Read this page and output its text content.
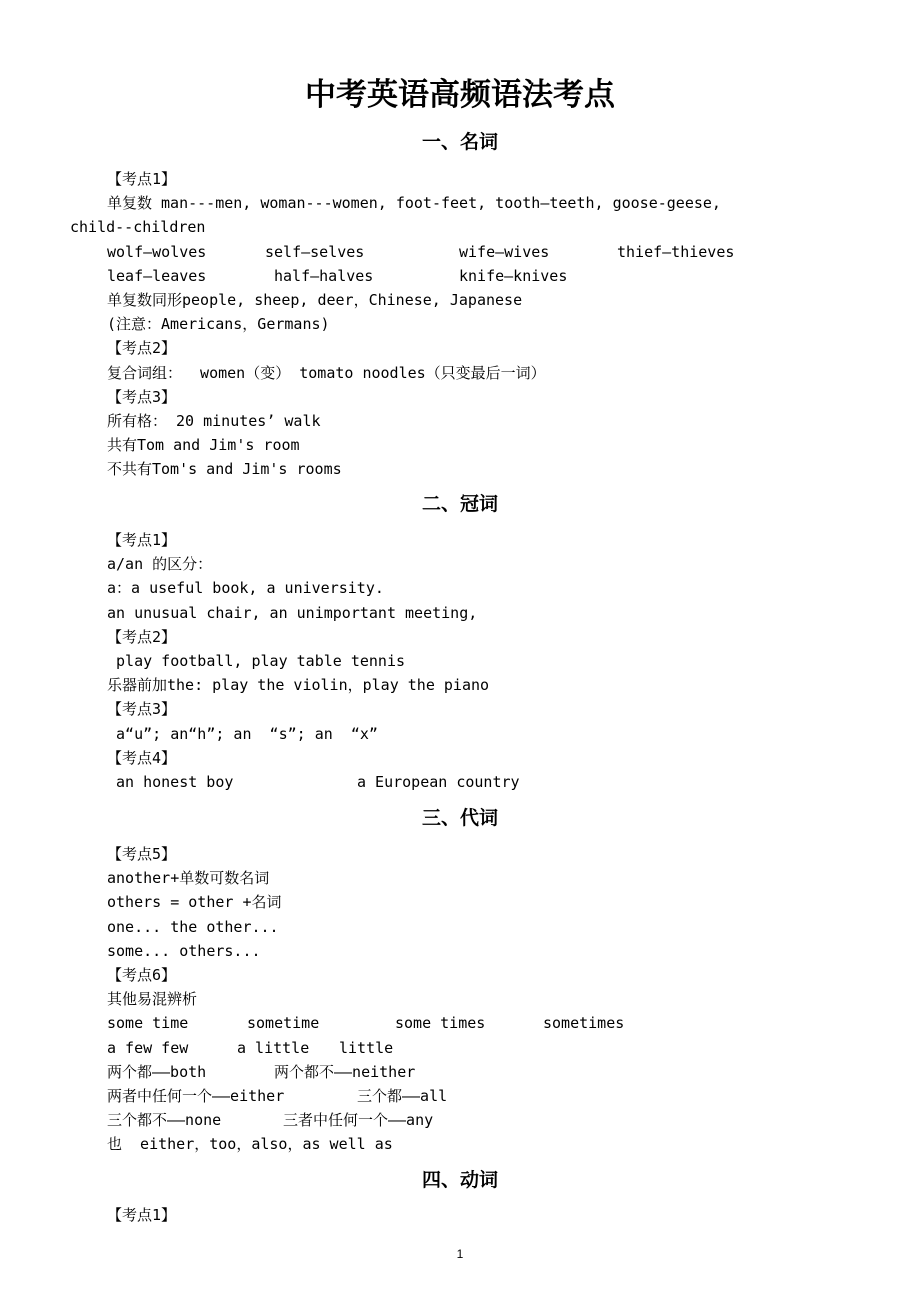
中考英语高频语法考点
一、名词
【考点1】
单复数 man---men, woman---women, foot-feet, tooth—teeth, goose-geese,
child--children
wolf—wolves	self—selves	wife—wives	thief—thieves
leaf—leaves	half—halves	knife—knives
单复数同形people, sheep, deer，Chinese, Japanese
(注意：Americans，Germans)
【考点2】
复合词组：  women（变） tomato noodles（只变最后一词）
【考点3】
所有格： 20 minutes’ walk
共有Tom and Jim's room
不共有Tom's and Jim's rooms
二、冠词
【考点1】
a/an 的区分：
a：a useful book, a university.
an unusual chair, an unimportant meeting,
【考点2】
play football, play table tennis
乐器前加the: play the violin，play the piano
【考点3】
a“u”; an“h”; an  “s”; an  “x”
【考点4】
an honest boy	a European country
三、代词
【考点5】
another+单数可数名词
others = other +名词
one... the other...
some... others...
【考点6】
其他易混辨析
some time	sometime	some times	sometimes
a few few	a little	little
两个都——both	两个都不——neither
两者中任何一个——either	三个都——all
三个都不——none	三者中任何一个——any
也  either，too，also，as well as
四、动词
【考点1】
1
